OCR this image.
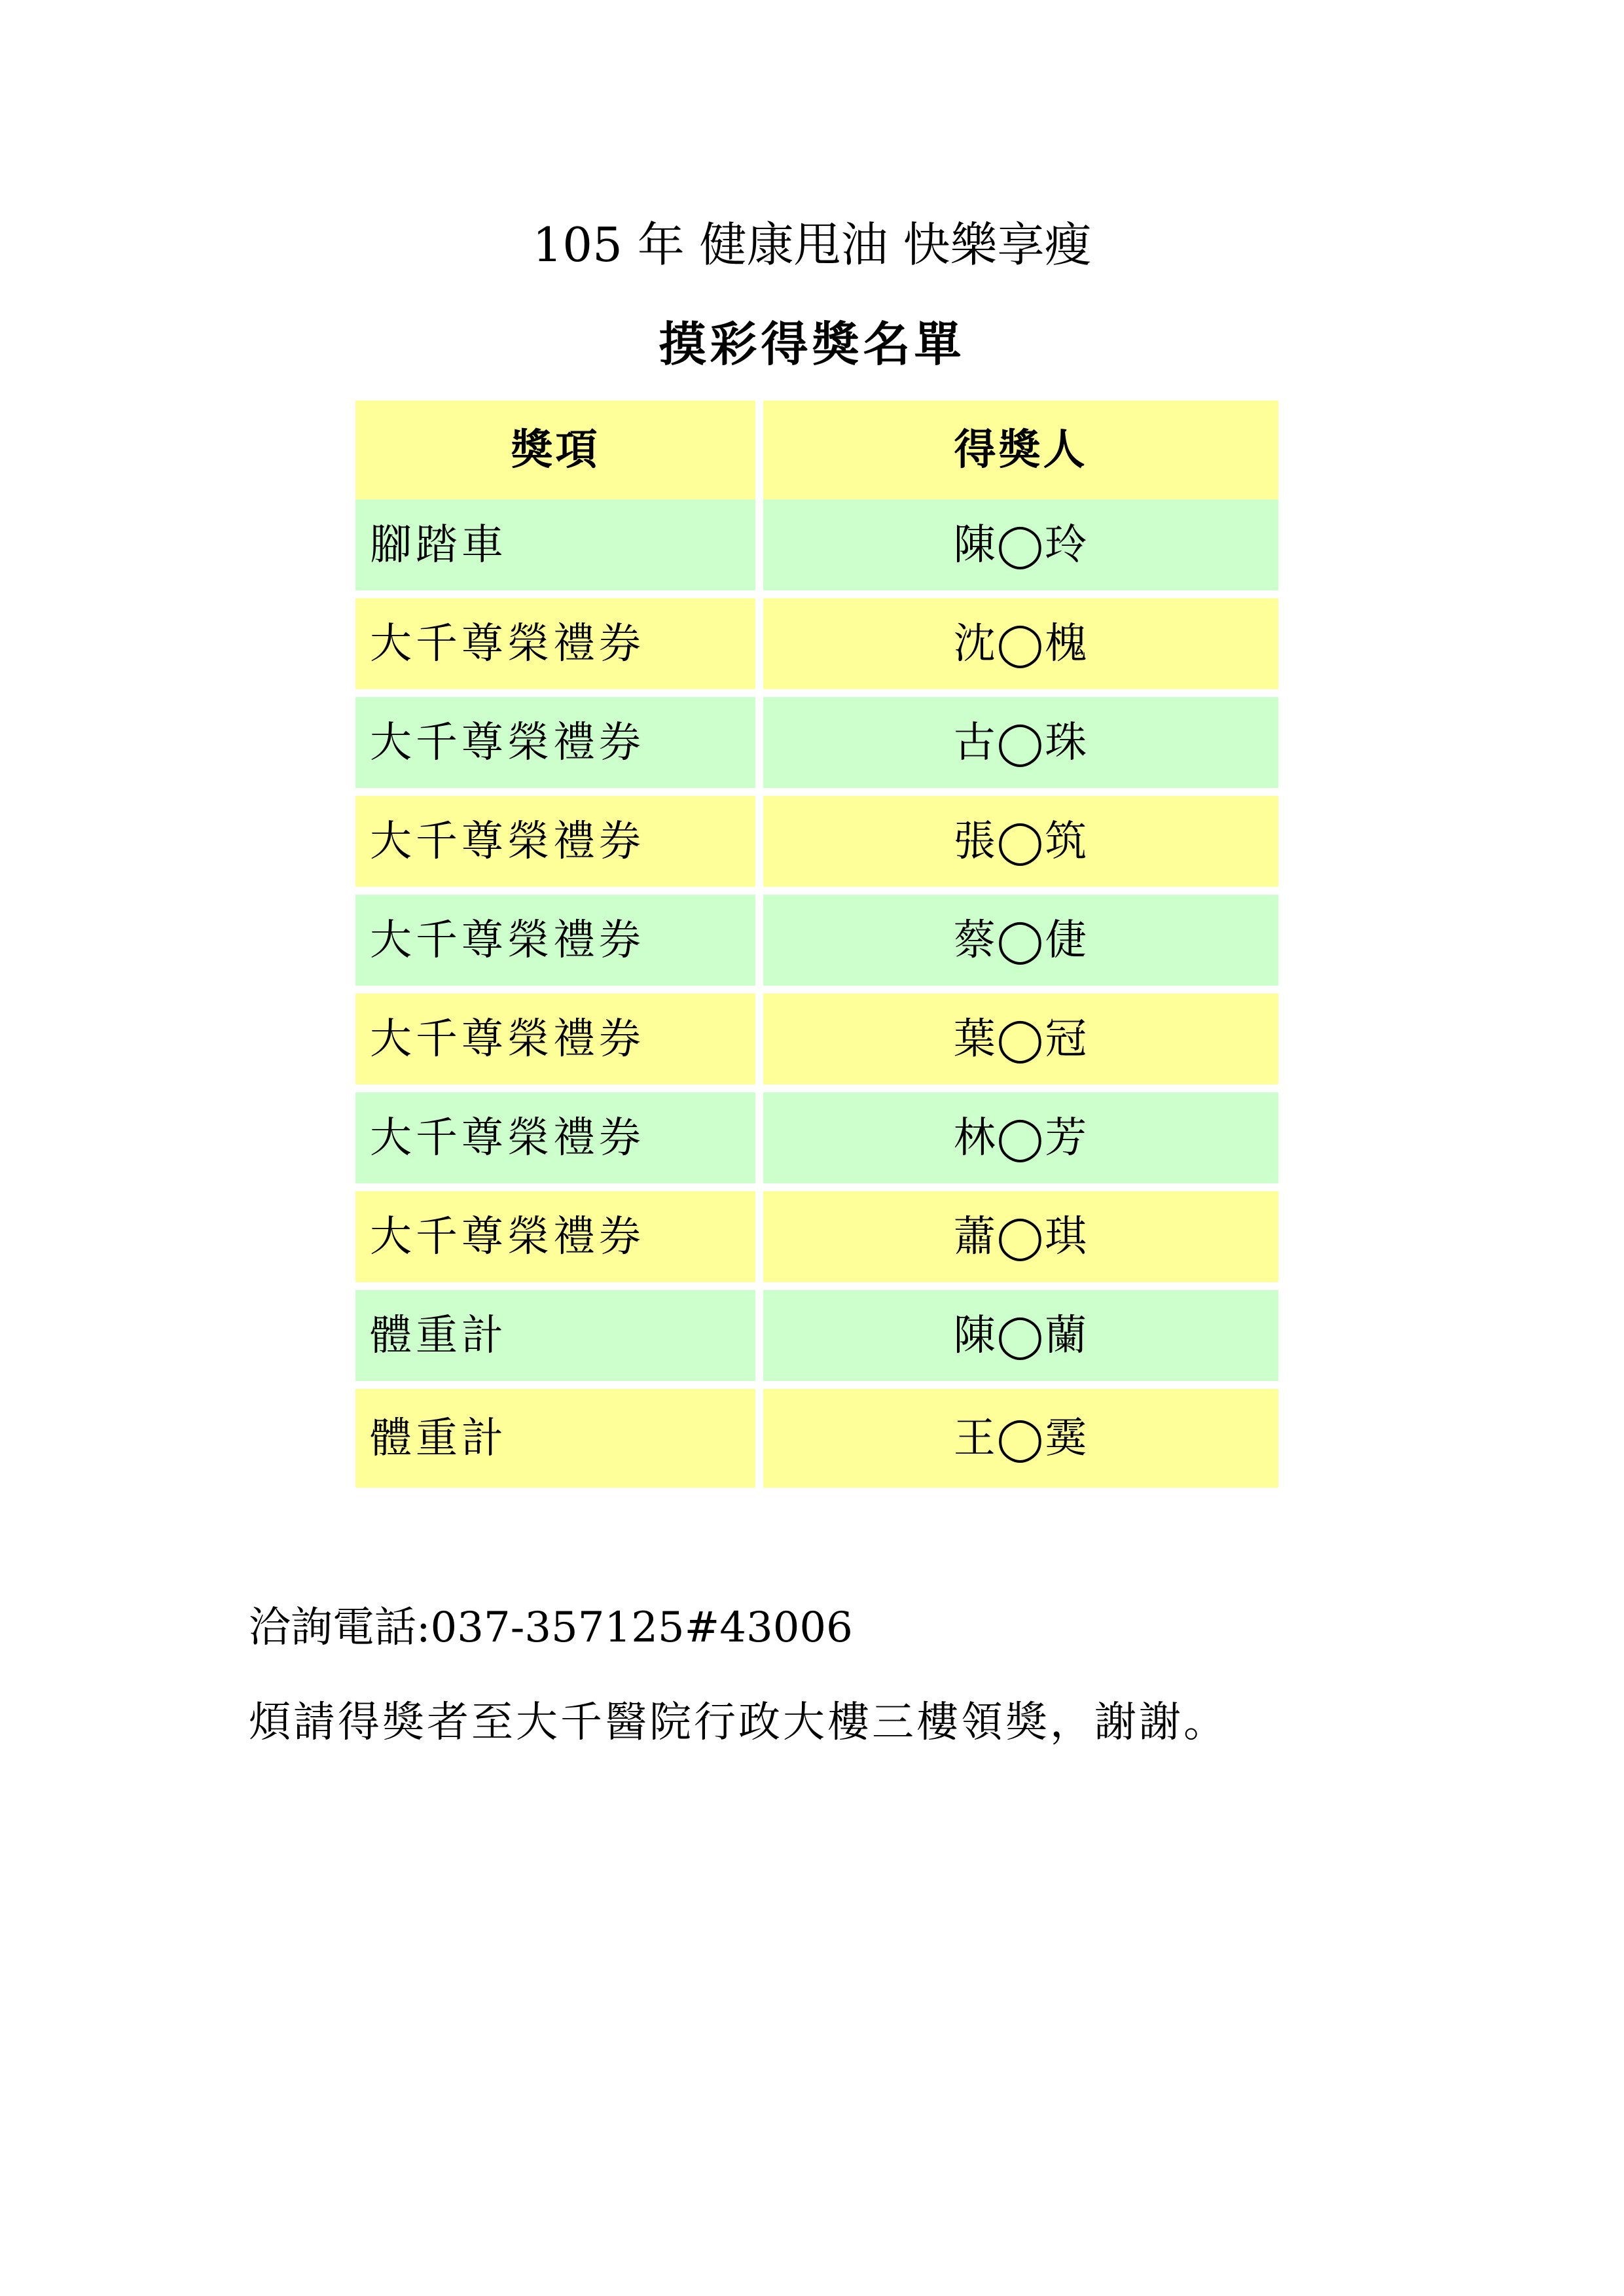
105 年 健康甩油 快樂享瘦
摸彩得獎名單
獎項	得獎人
腳踏車	陳◯玲
大千尊榮禮券	沈◯槐
大千尊榮禮券	古◯珠
大千尊榮禮券	張◯筑
大千尊榮禮券	蔡◯倢
大千尊榮禮券	葉◯冠
大千尊榮禮券	林◯芳
大千尊榮禮券	蕭◯琪
體重計	陳◯蘭
體重計	王◯霙

洽詢電話:037-357125#43006

煩請得獎者至大千醫院行政大樓三樓領獎，謝謝。
